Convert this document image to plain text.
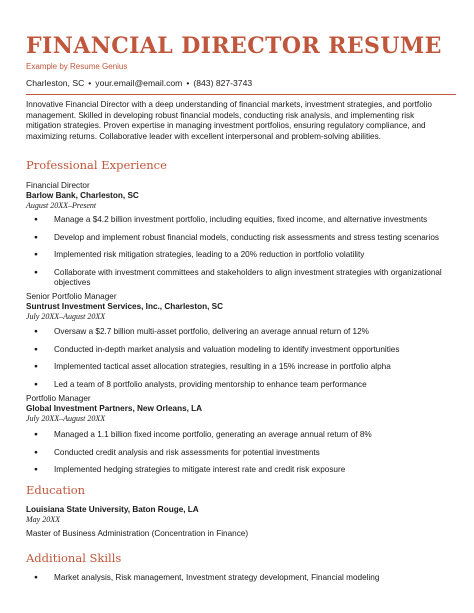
FINANCIAL DIRECTOR RESUME
Example by Resume Genius
Charleston, SC • your.email@email.com • (843) 827-3743
Innovative Financial Director with a deep understanding of financial markets, investment strategies, and portfolio management. Skilled in developing robust financial models, conducting risk analysis, and implementing risk mitigation strategies. Proven expertise in managing investment portfolios, ensuring regulatory compliance, and maximizing returns. Collaborative leader with excellent interpersonal and problem-solving abilities.
Professional Experience
Financial Director
Barlow Bank, Charleston, SC
August 20XX–Present
● Manage a $4.2 billion investment portfolio, including equities, fixed income, and alternative investments
● Develop and implement robust financial models, conducting risk assessments and stress testing scenarios
● Implemented risk mitigation strategies, leading to a 20% reduction in portfolio volatility
● Collaborate with investment committees and stakeholders to align investment strategies with organizational objectives
Senior Portfolio Manager
Suntrust Investment Services, Inc., Charleston, SC
July 20XX–August 20XX
● Oversaw a $2.7 billion multi-asset portfolio, delivering an average annual return of 12%
● Conducted in-depth market analysis and valuation modeling to identify investment opportunities
● Implemented tactical asset allocation strategies, resulting in a 15% increase in portfolio alpha
● Led a team of 8 portfolio analysts, providing mentorship to enhance team performance
Portfolio Manager
Global Investment Partners, New Orleans, LA
July 20XX–August 20XX
● Managed a 1.1 billion fixed income portfolio, generating an average annual return of 8%
● Conducted credit analysis and risk assessments for potential investments
● Implemented hedging strategies to mitigate interest rate and credit risk exposure
Education
Louisiana State University, Baton Rouge, LA
May 20XX
Master of Business Administration (Concentration in Finance)
Additional Skills
● Market analysis, Risk management, Investment strategy development, Financial modeling
